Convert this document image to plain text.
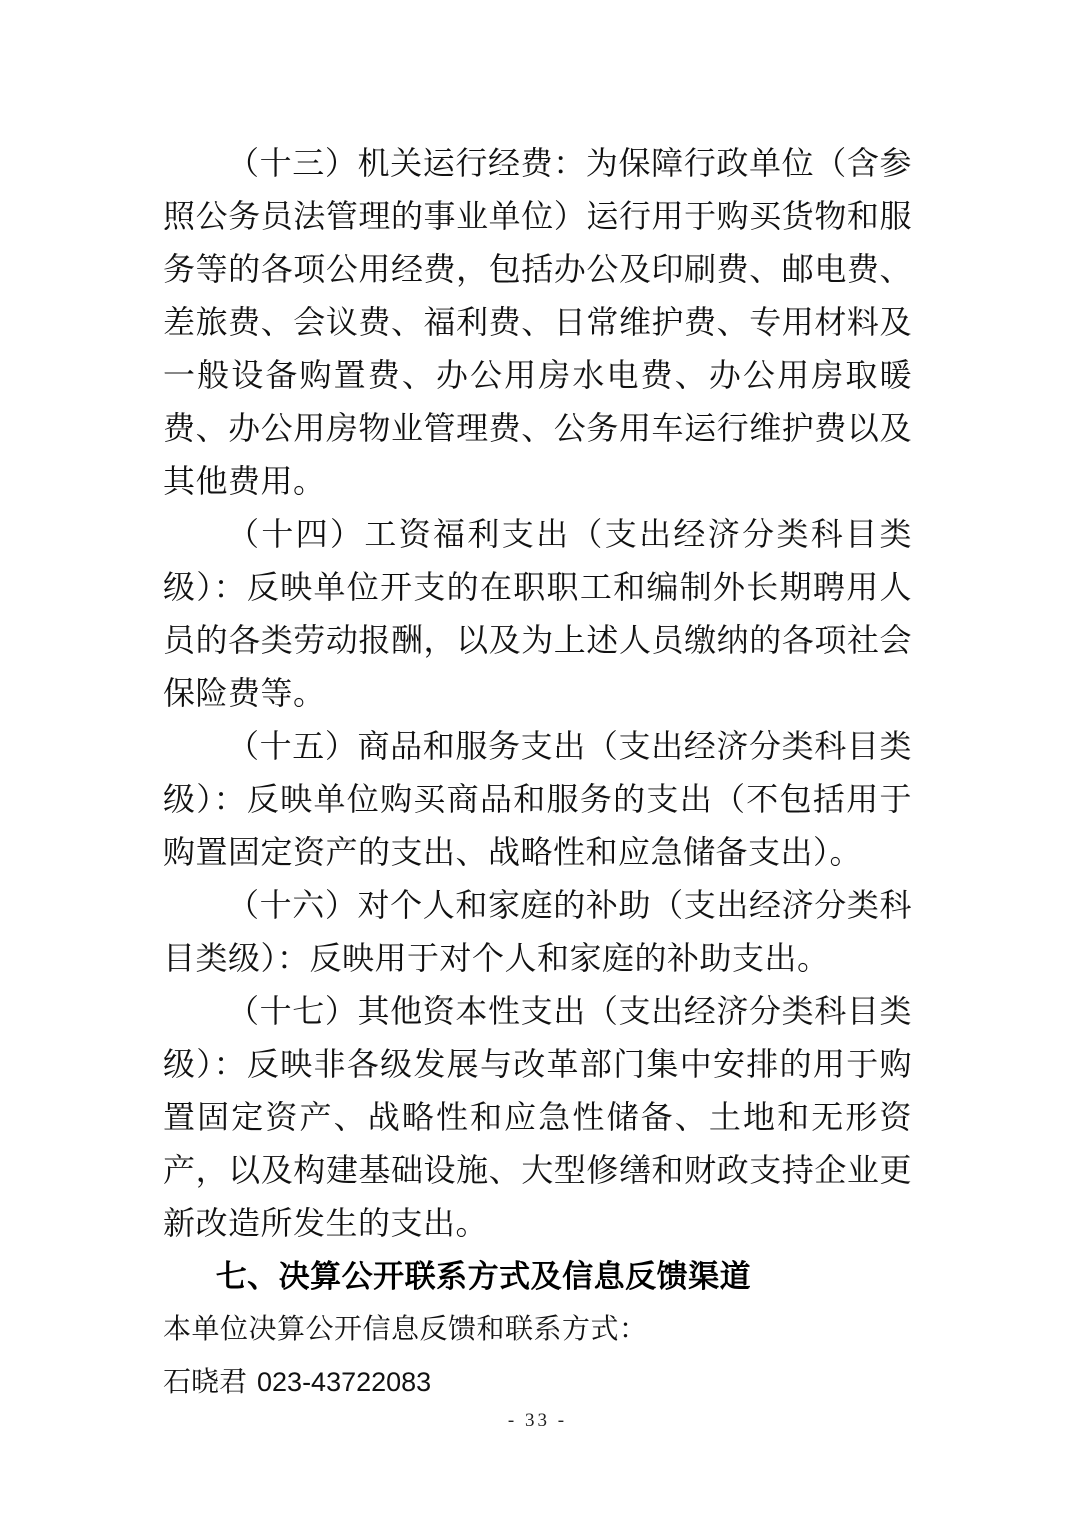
（十三）机关运行经费：为保障行政单位（含参照公务员法管理的事业单位）运行用于购买货物和服务等的各项公用经费，包括办公及印刷费、邮电费、差旅费、会议费、福利费、日常维护费、专用材料及一般设备购置费、办公用房水电费、办公用房取暖费、办公用房物业管理费、公务用车运行维护费以及其他费用。

（十四）工资福利支出（支出经济分类科目类级）：反映单位开支的在职职工和编制外长期聘用人员的各类劳动报酬，以及为上述人员缴纳的各项社会保险费等。

（十五）商品和服务支出（支出经济分类科目类级）：反映单位购买商品和服务的支出（不包括用于购置固定资产的支出、战略性和应急储备支出）。

（十六）对个人和家庭的补助（支出经济分类科目类级）：反映用于对个人和家庭的补助支出。

（十七）其他资本性支出（支出经济分类科目类级）：反映非各级发展与改革部门集中安排的用于购置固定资产、战略性和应急性储备、土地和无形资产，以及构建基础设施、大型修缮和财政支持企业更新改造所发生的支出。

七、决算公开联系方式及信息反馈渠道

本单位决算公开信息反馈和联系方式：

石晓君 023-43722083

- 33 -
